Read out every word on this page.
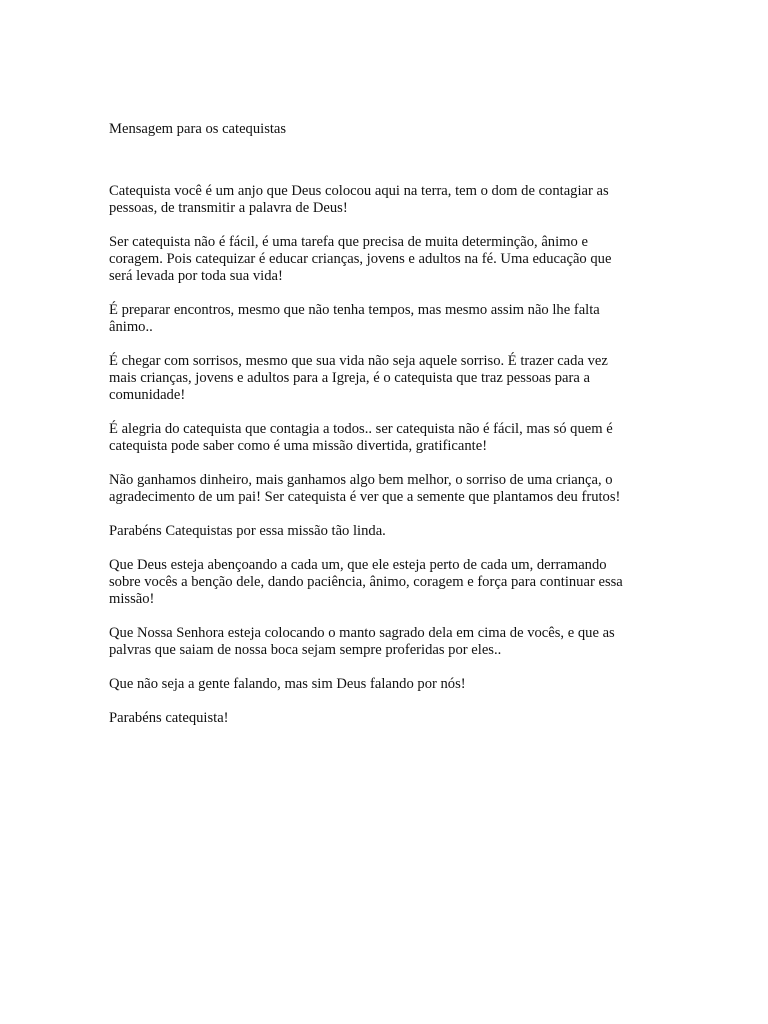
Mensagem para os catequistas

Catequista você é um anjo que Deus colocou aqui na terra, tem o dom de contagiar as
pessoas, de transmitir a palavra de Deus!

Ser catequista não é fácil, é uma tarefa que precisa de muita determinção, ânimo e
coragem. Pois catequizar é educar crianças, jovens e adultos na fé. Uma educação que
será levada por toda sua vida!

É preparar encontros, mesmo que não tenha tempos, mas mesmo assim não lhe falta
ânimo..

É chegar com sorrisos, mesmo que sua vida não seja aquele sorriso. É trazer cada vez
mais crianças, jovens e adultos para a Igreja, é o catequista que traz pessoas para a
comunidade!

É alegria do catequista que contagia a todos.. ser catequista não é fácil, mas só quem é
catequista pode saber como é uma missão divertida, gratificante!

Não ganhamos dinheiro, mais ganhamos algo bem melhor, o sorriso de uma criança, o
agradecimento de um pai! Ser catequista é ver que a semente que plantamos deu frutos!

Parabéns Catequistas por essa missão tão linda.

Que Deus esteja abençoando a cada um, que ele esteja perto de cada um, derramando
sobre vocês a benção dele, dando paciência, ânimo, coragem e força para continuar essa
missão!

Que Nossa Senhora esteja colocando o manto sagrado dela em cima de vocês, e que as
palvras que saiam de nossa boca sejam sempre proferidas por eles..

Que não seja a gente falando, mas sim Deus falando por nós!

Parabéns catequista!
